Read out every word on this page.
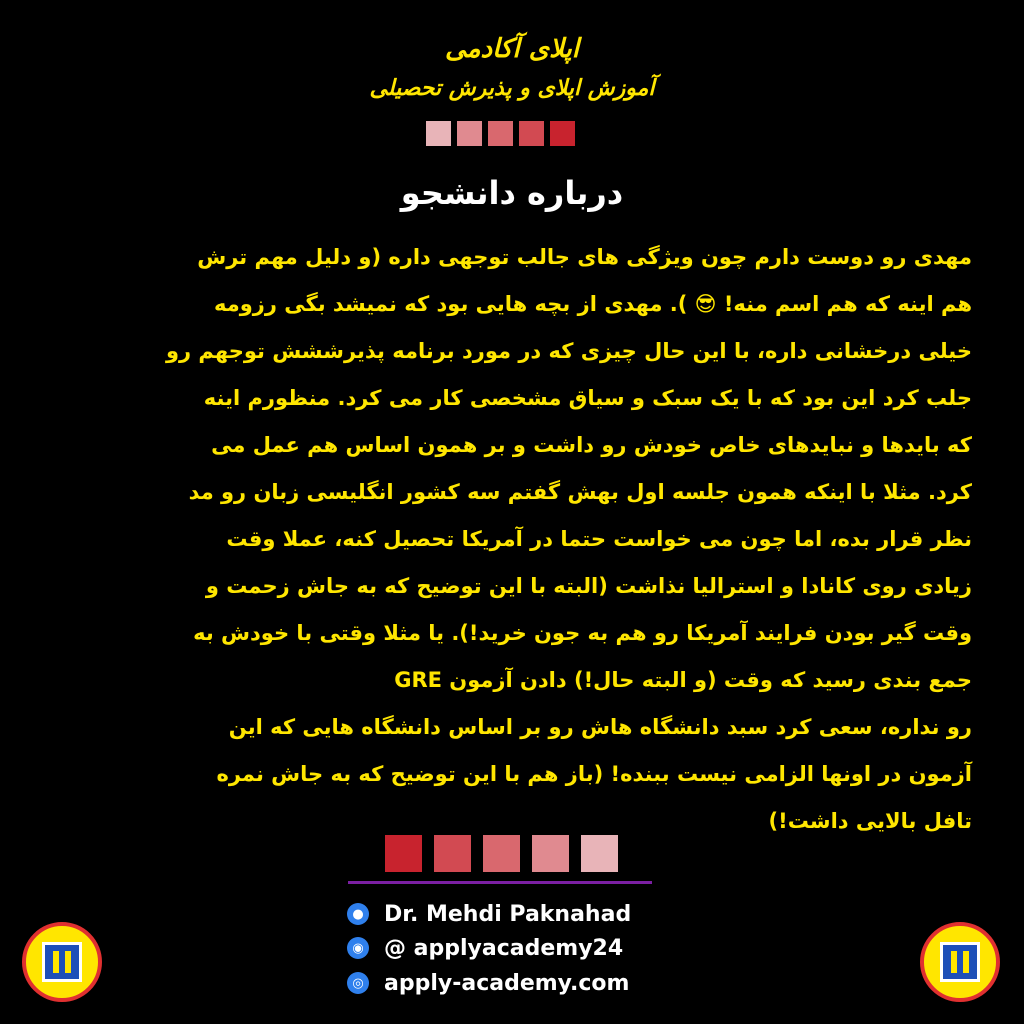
اپلای آکادمی
آموزش اپلای و پذیرش تحصیلی
درباره دانشجو
مهدی رو دوست دارم چون ویژگی های جالب توجهی داره (و دلیل مهم ترش
هم اینه که هم اسم منه! 😎 ). مهدی از بچه هایی بود که نمیشد بگی رزومه
خیلی درخشانی داره، با این حال چیزی که در مورد برنامه پذیرششش توجهم رو
جلب کرد این بود که با یک سبک و سیاق مشخصی کار می کرد. منظورم اینه
که بایدها و نبایدهای خاص خودش رو داشت و بر همون اساس هم عمل می
کرد. مثلا با اینکه همون جلسه اول بهش گفتم سه کشور انگلیسی زبان رو مد
نظر قرار بده، اما چون می خواست حتما در آمریکا تحصیل کنه، عملا وقت
زیادی روی کانادا و استرالیا نذاشت (البته با این توضیح که به جاش زحمت و
وقت گیر بودن فرایند آمریکا رو هم به جون خرید!). یا مثلا وقتی با خودش به
جمع بندی رسید که وقت (و البته حال!) دادن آزمون GRE
رو نداره، سعی کرد سبد دانشگاه هاش رو بر اساس دانشگاه هایی که این
آزمون در اونها الزامی نیست ببنده! (باز هم با این توضیح که به جاش نمره
تافل بالایی داشت!)
● Dr. Mehdi Paknahad
◉ @ applyacademy24
◎ apply-academy.com
